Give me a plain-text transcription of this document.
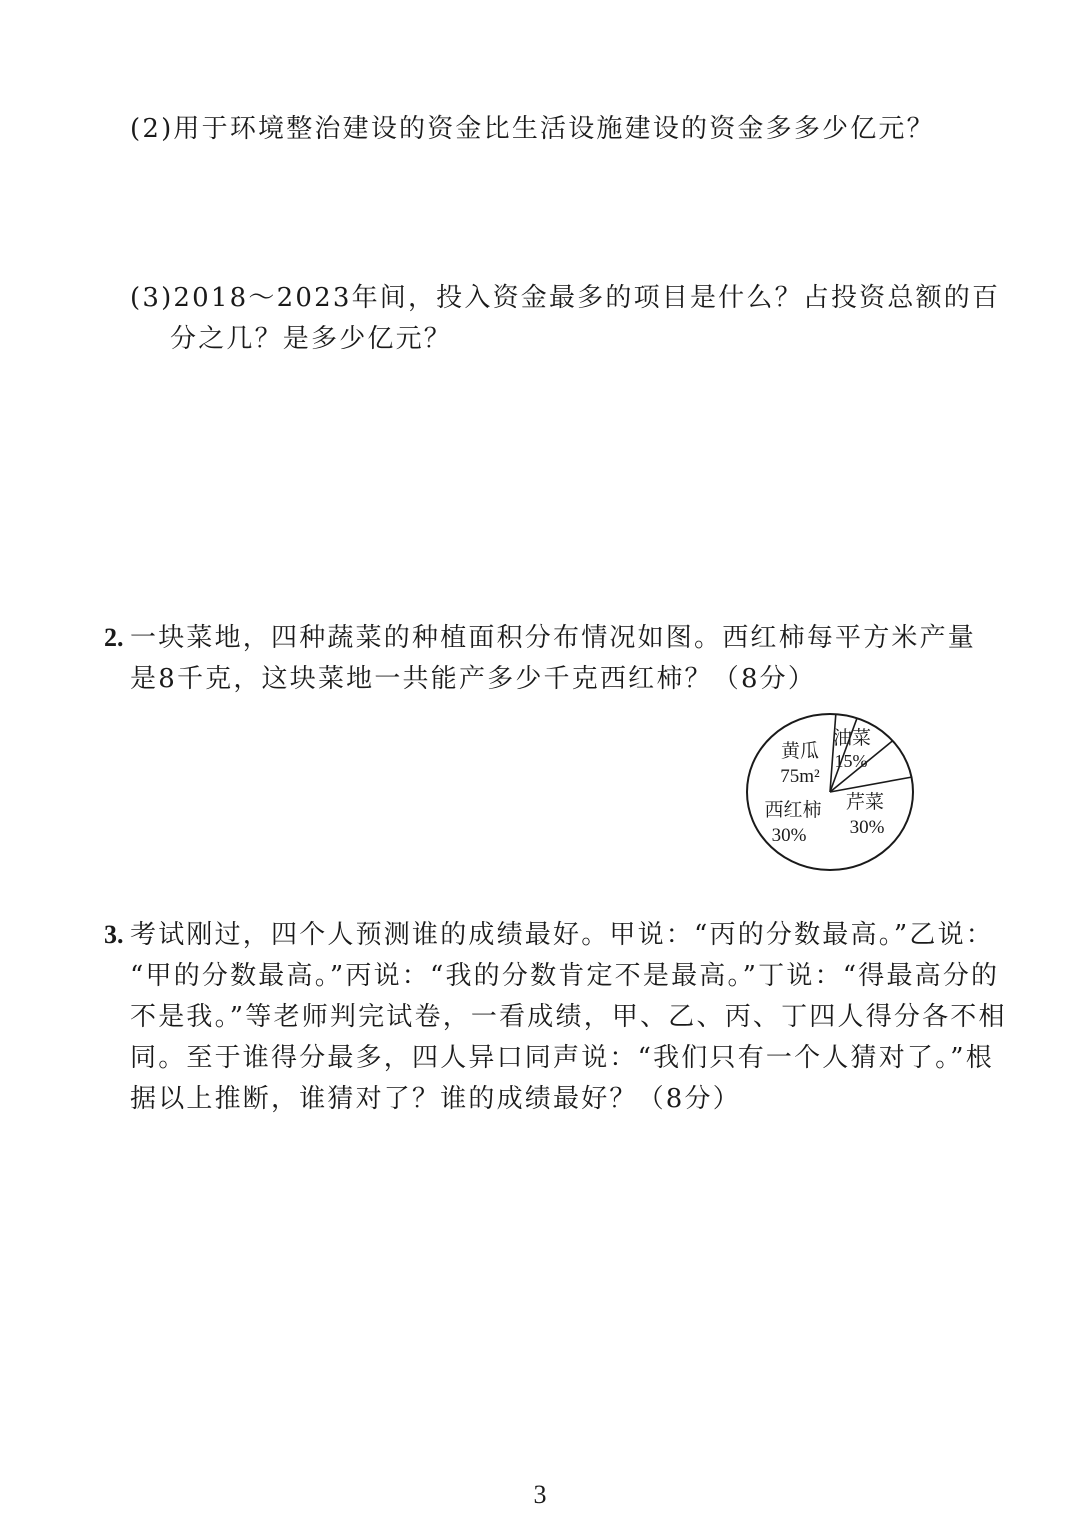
(2)用于环境整治建设的资金比生活设施建设的资金多多少亿元？
(3)2018～2023年间，投入资金最多的项目是什么？占投资总额的百
分之几？是多少亿元？
2. 一块菜地，四种蔬菜的种植面积分布情况如图。西红柿每平方米产量
是8千克，这块菜地一共能产多少千克西红柿？（8分）
黄瓜
75m²
油菜
15%
芹菜
30%
西红柿
30%
3. 考试刚过，四个人预测谁的成绩最好。甲说：“丙的分数最高。”乙说：
“甲的分数最高。”丙说：“我的分数肯定不是最高。”丁说：“得最高分的
不是我。”等老师判完试卷，一看成绩，甲、乙、丙、丁四人得分各不相
同。至于谁得分最多，四人异口同声说：“我们只有一个人猜对了。”根
据以上推断，谁猜对了？谁的成绩最好？（8分）
3
